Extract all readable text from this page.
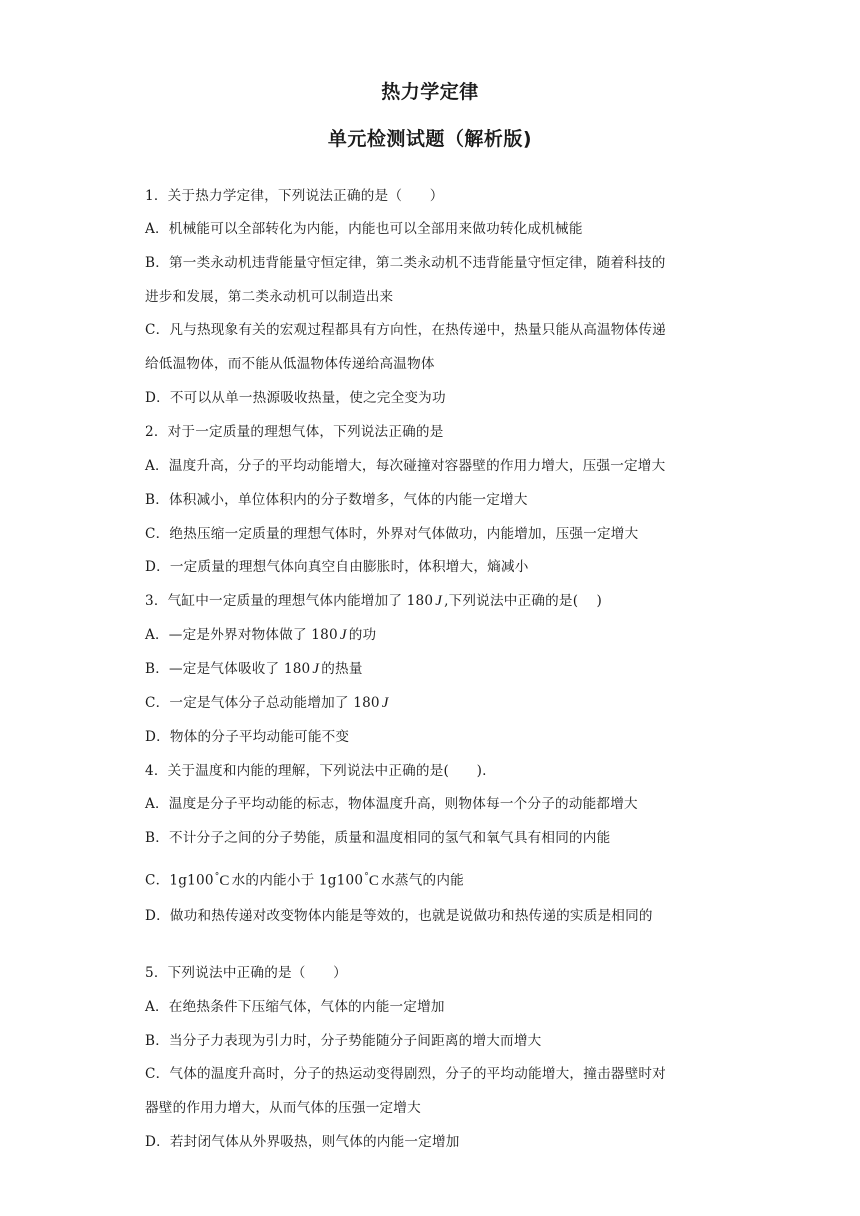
热力学定律
单元检测试题（解析版)
1．关于热力学定律，下列说法正确的是（　　）
A．机械能可以全部转化为内能，内能也可以全部用来做功转化成机械能
B．第一类永动机违背能量守恒定律，第二类永动机不违背能量守恒定律，随着科技的
进步和发展，第二类永动机可以制造出来
C．凡与热现象有关的宏观过程都具有方向性，在热传递中，热量只能从高温物体传递
给低温物体，而不能从低温物体传递给高温物体
D．不可以从单一热源吸收热量，使之完全变为功
2．对于一定质量的理想气体，下列说法正确的是
A．温度升高，分子的平均动能增大，每次碰撞对容器壁的作用力增大，压强一定增大
B．体积减小，单位体积内的分子数增多，气体的内能一定增大
C．绝热压缩一定质量的理想气体时，外界对气体做功，内能增加，压强一定增大
D．一定质量的理想气体向真空自由膨胀时，体积增大，熵减小
3．气缸中一定质量的理想气体内能增加了 180 J ,下列说法中正确的是(　 )
A．—定是外界对物体做了 180 J 的功
B．—定是气体吸收了 180 J 的热量
C．一定是气体分子总动能增加了 180 J
D．物体的分子平均动能可能不变
4．关于温度和内能的理解，下列说法中正确的是(　　).
A．温度是分子平均动能的标志，物体温度升高，则物体每一个分子的动能都增大
B．不计分子之间的分子势能，质量和温度相同的氢气和氧气具有相同的内能
C．1g100°C 水的内能小于 1g100°C 水蒸气的内能
D．做功和热传递对改变物体内能是等效的，也就是说做功和热传递的实质是相同的
5．下列说法中正确的是（　　）
A．在绝热条件下压缩气体，气体的内能一定增加
B．当分子力表现为引力时，分子势能随分子间距离的增大而增大
C．气体的温度升高时，分子的热运动变得剧烈，分子的平均动能增大，撞击器壁时对
器壁的作用力增大，从而气体的压强一定增大
D．若封闭气体从外界吸热，则气体的内能一定增加
